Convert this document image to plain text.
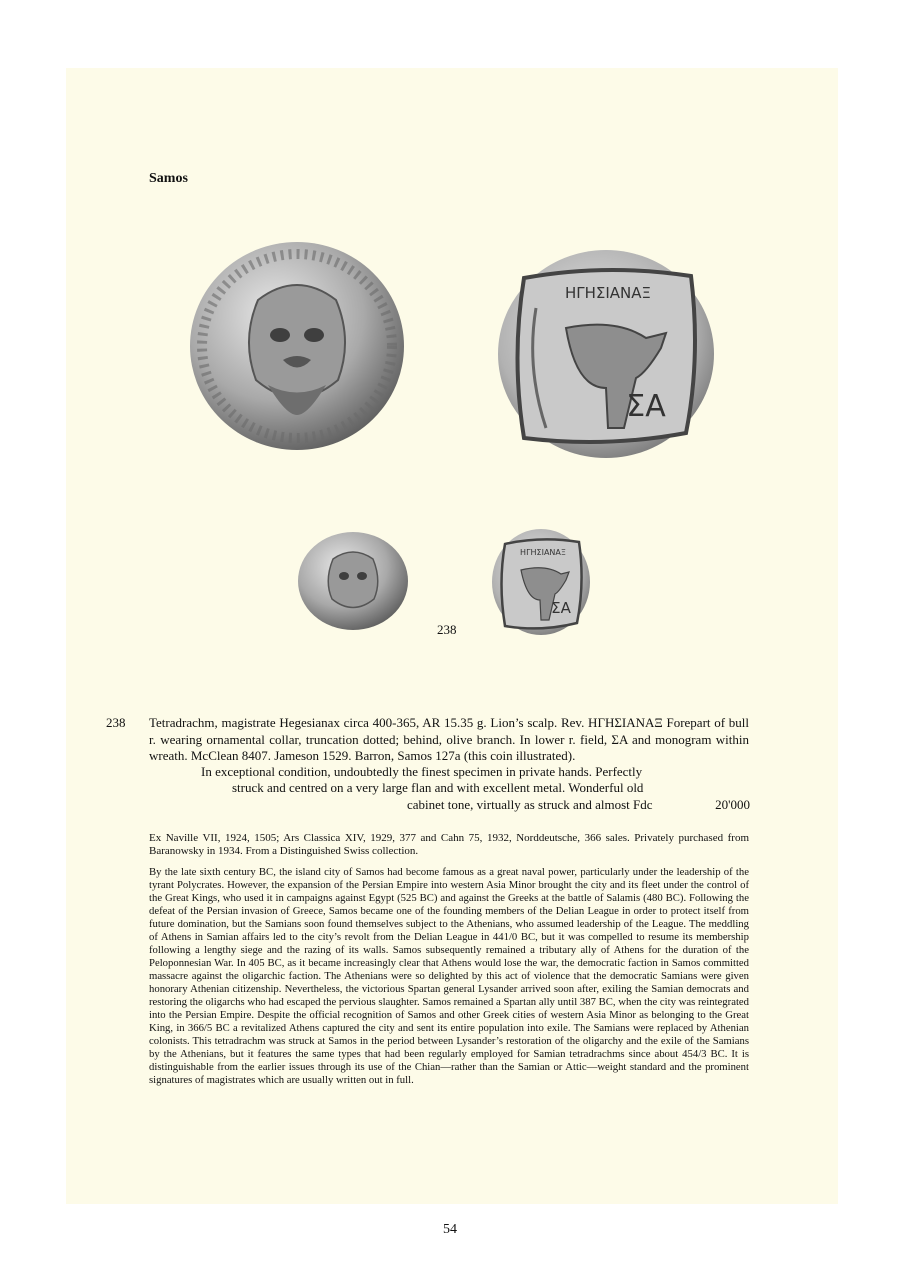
Samos
ΗΓΗΣΙΑΝΑΞ
ΣΑ
ΗΓΗΣΙΑΝΑΞ
ΣΑ
238
238 Tetradrachm, magistrate Hegesianax circa 400-365, AR 15.35 g. Lion’s scalp. Rev. ΗΓΗΣΙΑΝΑΞ Forepart of bull r. wearing ornamental collar, truncation dotted; behind, olive branch. In lower r. field, ΣΑ and monogram within wreath. McClean 8407. Jameson 1529. Barron, Samos 127a (this coin illustrated).
In exceptional condition, undoubtedly the finest specimen in private hands. Perfectly
struck and centred on a very large flan and with excellent metal. Wonderful old
cabinet tone, virtually as struck and almost Fdc	20'000
Ex Naville VII, 1924, 1505; Ars Classica XIV, 1929, 377 and Cahn 75, 1932, Norddeutsche, 366 sales. Privately purchased from Baranowsky in 1934. From a Distinguished Swiss collection.
By the late sixth century BC, the island city of Samos had become famous as a great naval power, particularly under the leadership of the tyrant Polycrates. However, the expansion of the Persian Empire into western Asia Minor brought the city and its fleet under the control of the Great Kings, who used it in campaigns against Egypt (525 BC) and against the Greeks at the battle of Salamis (480 BC). Following the defeat of the Persian invasion of Greece, Samos became one of the founding members of the Delian League in order to protect itself from future domination, but the Samians soon found themselves subject to the Athenians, who assumed leadership of the League. The meddling of Athens in Samian affairs led to the city’s revolt from the Delian League in 441/0 BC, but it was compelled to resume its membership following a lengthy siege and the razing of its walls. Samos subsequently remained a tributary ally of Athens for the duration of the Peloponnesian War. In 405 BC, as it became increasingly clear that Athens would lose the war, the democratic faction in Samos committed massacre against the oligarchic faction. The Athenians were so delighted by this act of violence that the democratic Samians were given honorary Athenian citizenship. Nevertheless, the victorious Spartan general Lysander arrived soon after, exiling the Samian democrats and restoring the oligarchs who had escaped the pervious slaughter. Samos remained a Spartan ally until 387 BC, when the city was reintegrated into the Persian Empire. Despite the official recognition of Samos and other Greek cities of western Asia Minor as belonging to the Great King, in 366/5 BC a revitalized Athens captured the city and sent its entire population into exile. The Samians were replaced by Athenian colonists. This tetradrachm was struck at Samos in the period between Lysander’s restoration of the oligarchy and the exile of the Samians by the Athenians, but it features the same types that had been regularly employed for Samian tetradrachms since about 454/3 BC. It is distinguishable from the earlier issues through its use of the Chian—rather than the Samian or Attic—weight standard and the prominent signatures of magistrates which are usually written out in full.
54
